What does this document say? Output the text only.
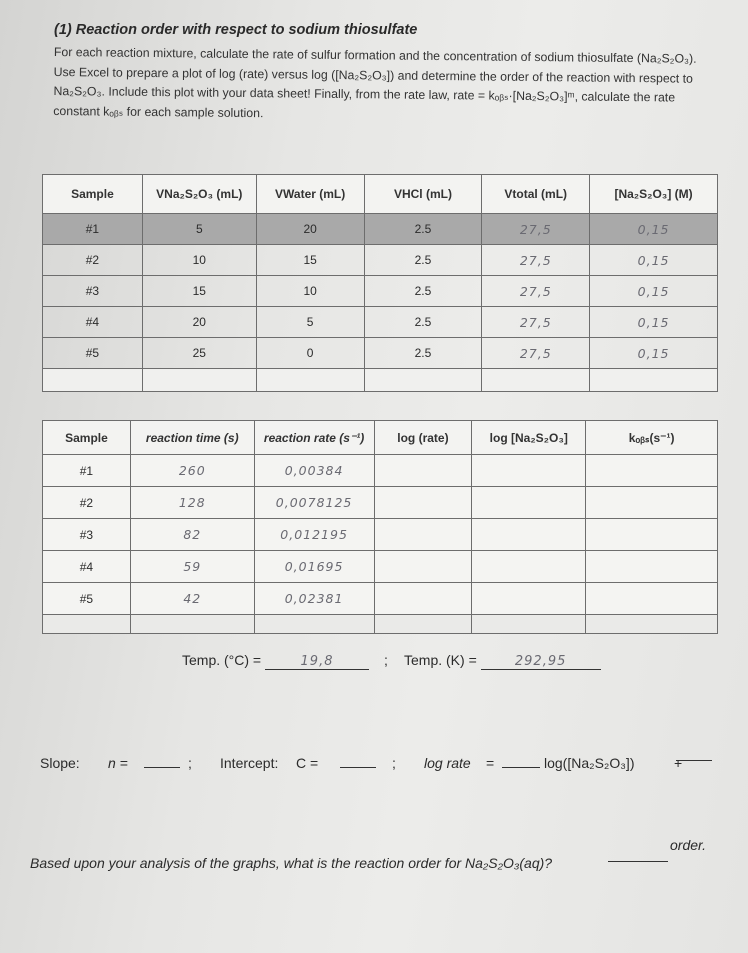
(1) Reaction order with respect to sodium thiosulfate
For each reaction mixture, calculate the rate of sulfur formation and the concentration of sodium thiosulfate (Na₂S₂O₃). Use Excel to prepare a plot of log (rate) versus log ([Na₂S₂O₃]) and determine the order of the reaction with respect to Na₂S₂O₃. Include this plot with your data sheet! Finally, from the rate law, rate = kₒᵦₛ·[Na₂S₂O₃]ᵐ, calculate the rate constant kₒᵦₛ for each sample solution.
Sample	VNa₂S₂O₃ (mL)	VWater (mL)	VHCl (mL)	Vtotal (mL)	[Na₂S₂O₃] (M)
#1	5	20	2.5	27,5	0,15
#2	10	15	2.5	27,5	0,15
#3	15	10	2.5	27,5	0,15
#4	20	5	2.5	27,5	0,15
#5	25	0	2.5	27,5	0,15

Sample	reaction time (s)	reaction rate (s⁻¹)	log (rate)	log [Na₂S₂O₃]	kₒᵦₛ(s⁻¹)
#1	260	0,00384			
#2	128	0,0078125			
#3	82	0,012195			
#4	59	0,01695			
#5	42	0,02381			

Temp. (°C) =	19,8	; Temp. (K) =	292,95
Slope: n =	; Intercept: C =	; log rate =	log([Na₂S₂O₃])	+
Based upon your analysis of the graphs, what is the reaction order for Na₂S₂O₃(aq)?
order.
